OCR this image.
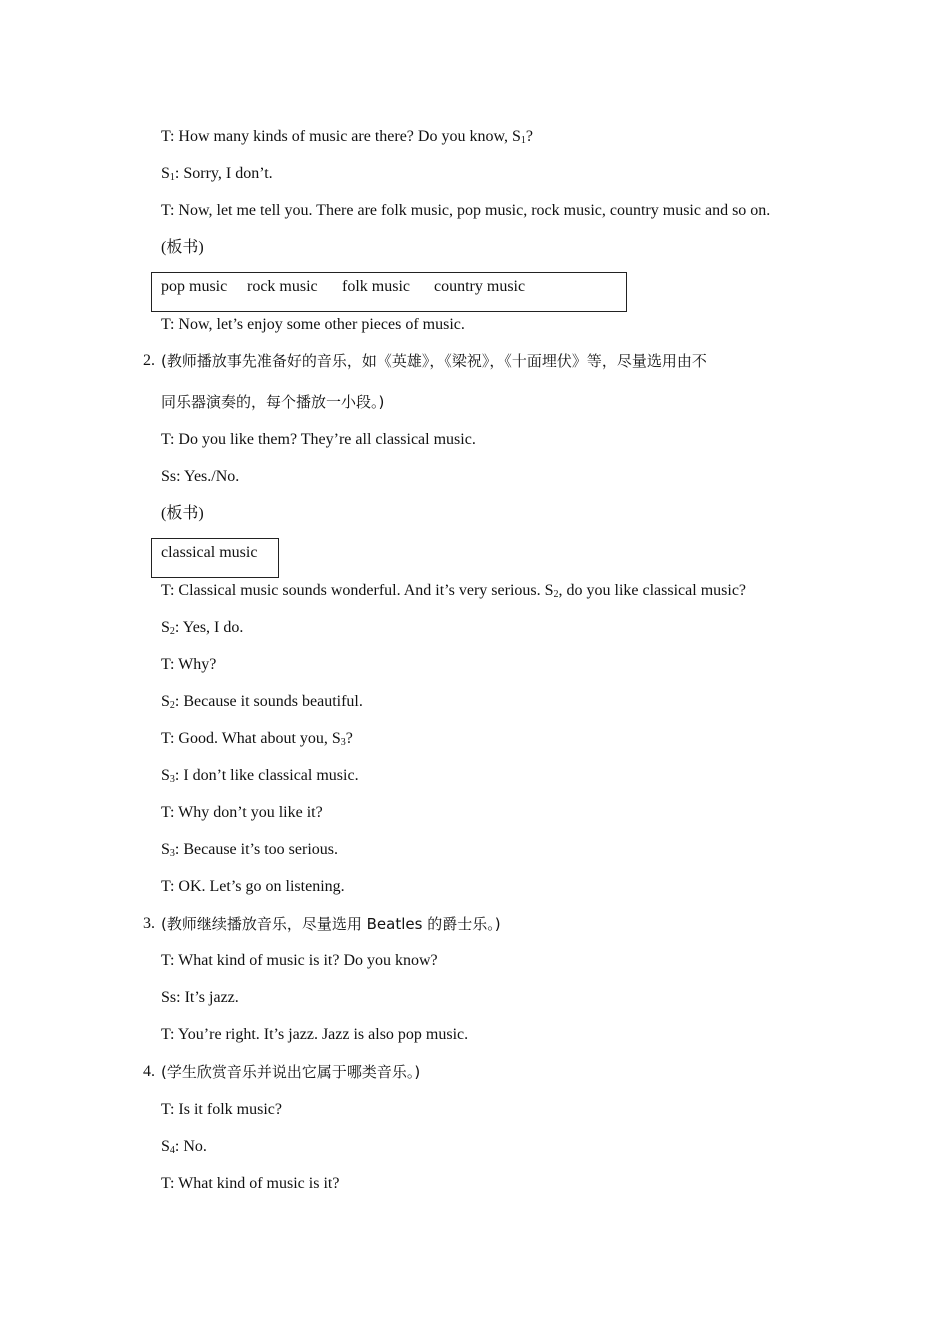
T: How many kinds of music are there? Do you know, $S_1$?
$S_1$: Sorry, I don’t.
T: Now, let me tell you. There are folk music, pop music, rock music, country music and so on.
(板书)
pop music rock music folk music country music
T: Now, let’s enjoy some other pieces of music.
2. (教师播放事先准备好的音乐，如《英雄》，《梁祝》，《十面埋伏》等，尽量选用由不
同乐器演奏的，每个播放一小段。)
T: Do you like them? They’re all classical music.
Ss: Yes./No.
(板书)
classical music
T: Classical music sounds wonderful. And it’s very serious. $S_2$, do you like classical music?
$S_2$: Yes, I do.
T: Why?
$S_2$: Because it sounds beautiful.
T: Good. What about you, $S_3$?
$S_3$: I don’t like classical music.
T: Why don’t you like it?
$S_3$: Because it’s too serious.
T: OK. Let’s go on listening.
3. (教师继续播放音乐，尽量选用 Beatles 的爵士乐。)
T: What kind of music is it? Do you know?
Ss: It’s jazz.
T: You’re right. It’s jazz. Jazz is also pop music.
4. (学生欣赏音乐并说出它属于哪类音乐。)
T: Is it folk music?
$S_4$: No.
T: What kind of music is it?
